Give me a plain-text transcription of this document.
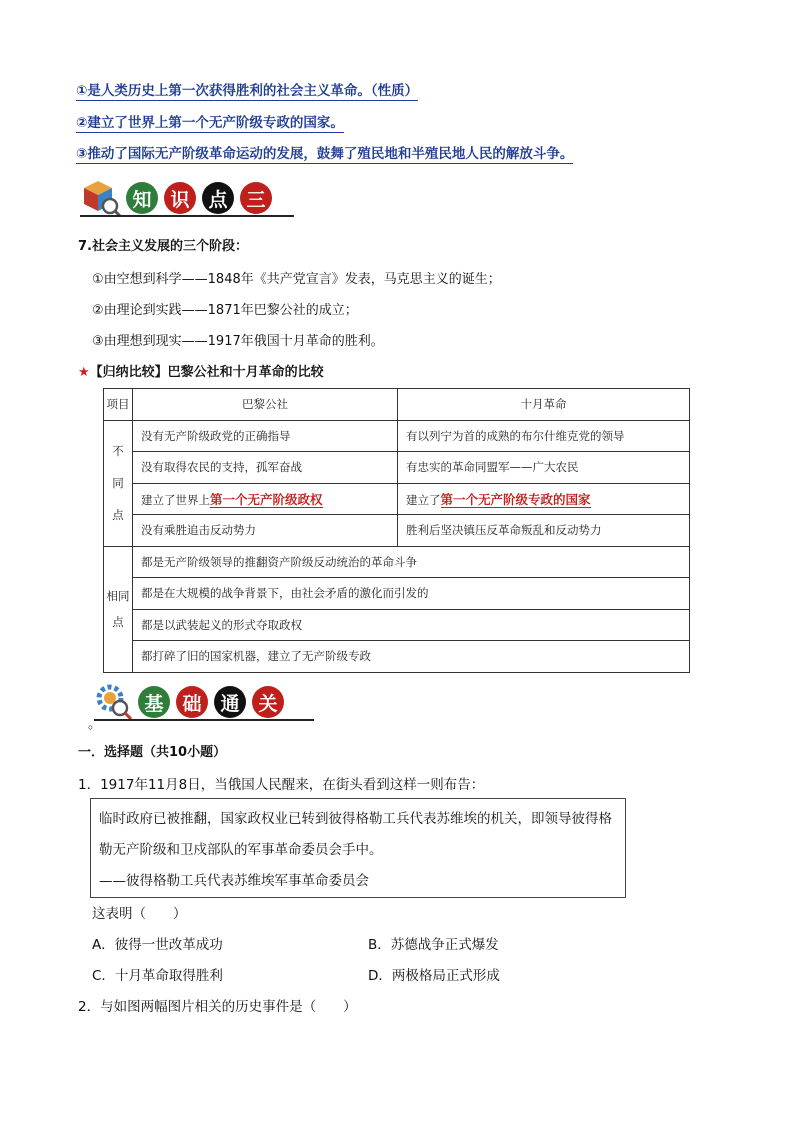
①是人类历史上第一次获得胜利的社会主义革命。（性质）
②建立了世界上第一个无产阶级专政的国家。
③推动了国际无产阶级革命运动的发展，鼓舞了殖民地和半殖民地人民的解放斗争。
知 识 点 三
7.社会主义发展的三个阶段：
①由空想到科学——1848年《共产党宣言》发表，马克思主义的诞生；
②由理论到实践——1871年巴黎公社的成立；
③由理想到现实——1917年俄国十月革命的胜利。
★【归纳比较】巴黎公社和十月革命的比较
项目	巴黎公社	十月革命

不
同
点	没有无产阶级政党的正确指导	有以列宁为首的成熟的布尔什维克党的领导
	没有取得农民的支持，孤军奋战	有忠实的革命同盟军——广大农民
	建立了世界上第一个无产阶级政权	建立了第一个无产阶级专政的国家
	没有乘胜追击反动势力	胜利后坚决镇压反革命叛乱和反动势力

相同
点	都是无产阶级领导的推翻资产阶级反动统治的革命斗争	
	都是在大规模的战争背景下，由社会矛盾的激化而引发的	
	都是以武装起义的形式夺取政权	
	都打碎了旧的国家机器，建立了无产阶级专政	
基 础 通 关
。
一．选择题（共10小题）
1．1917年11月8日，当俄国人民醒来，在街头看到这样一则布告：
临时政府已被推翻，国家政权业已转到彼得格勒工兵代表苏维埃的机关，即领导彼得格
勒无产阶级和卫戍部队的军事革命委员会手中。
——彼得格勒工兵代表苏维埃军事革命委员会
这表明（　　）
A．彼得一世改革成功	B．苏德战争正式爆发
C．十月革命取得胜利	D．两极格局正式形成
2．与如图两幅图片相关的历史事件是（　　）
